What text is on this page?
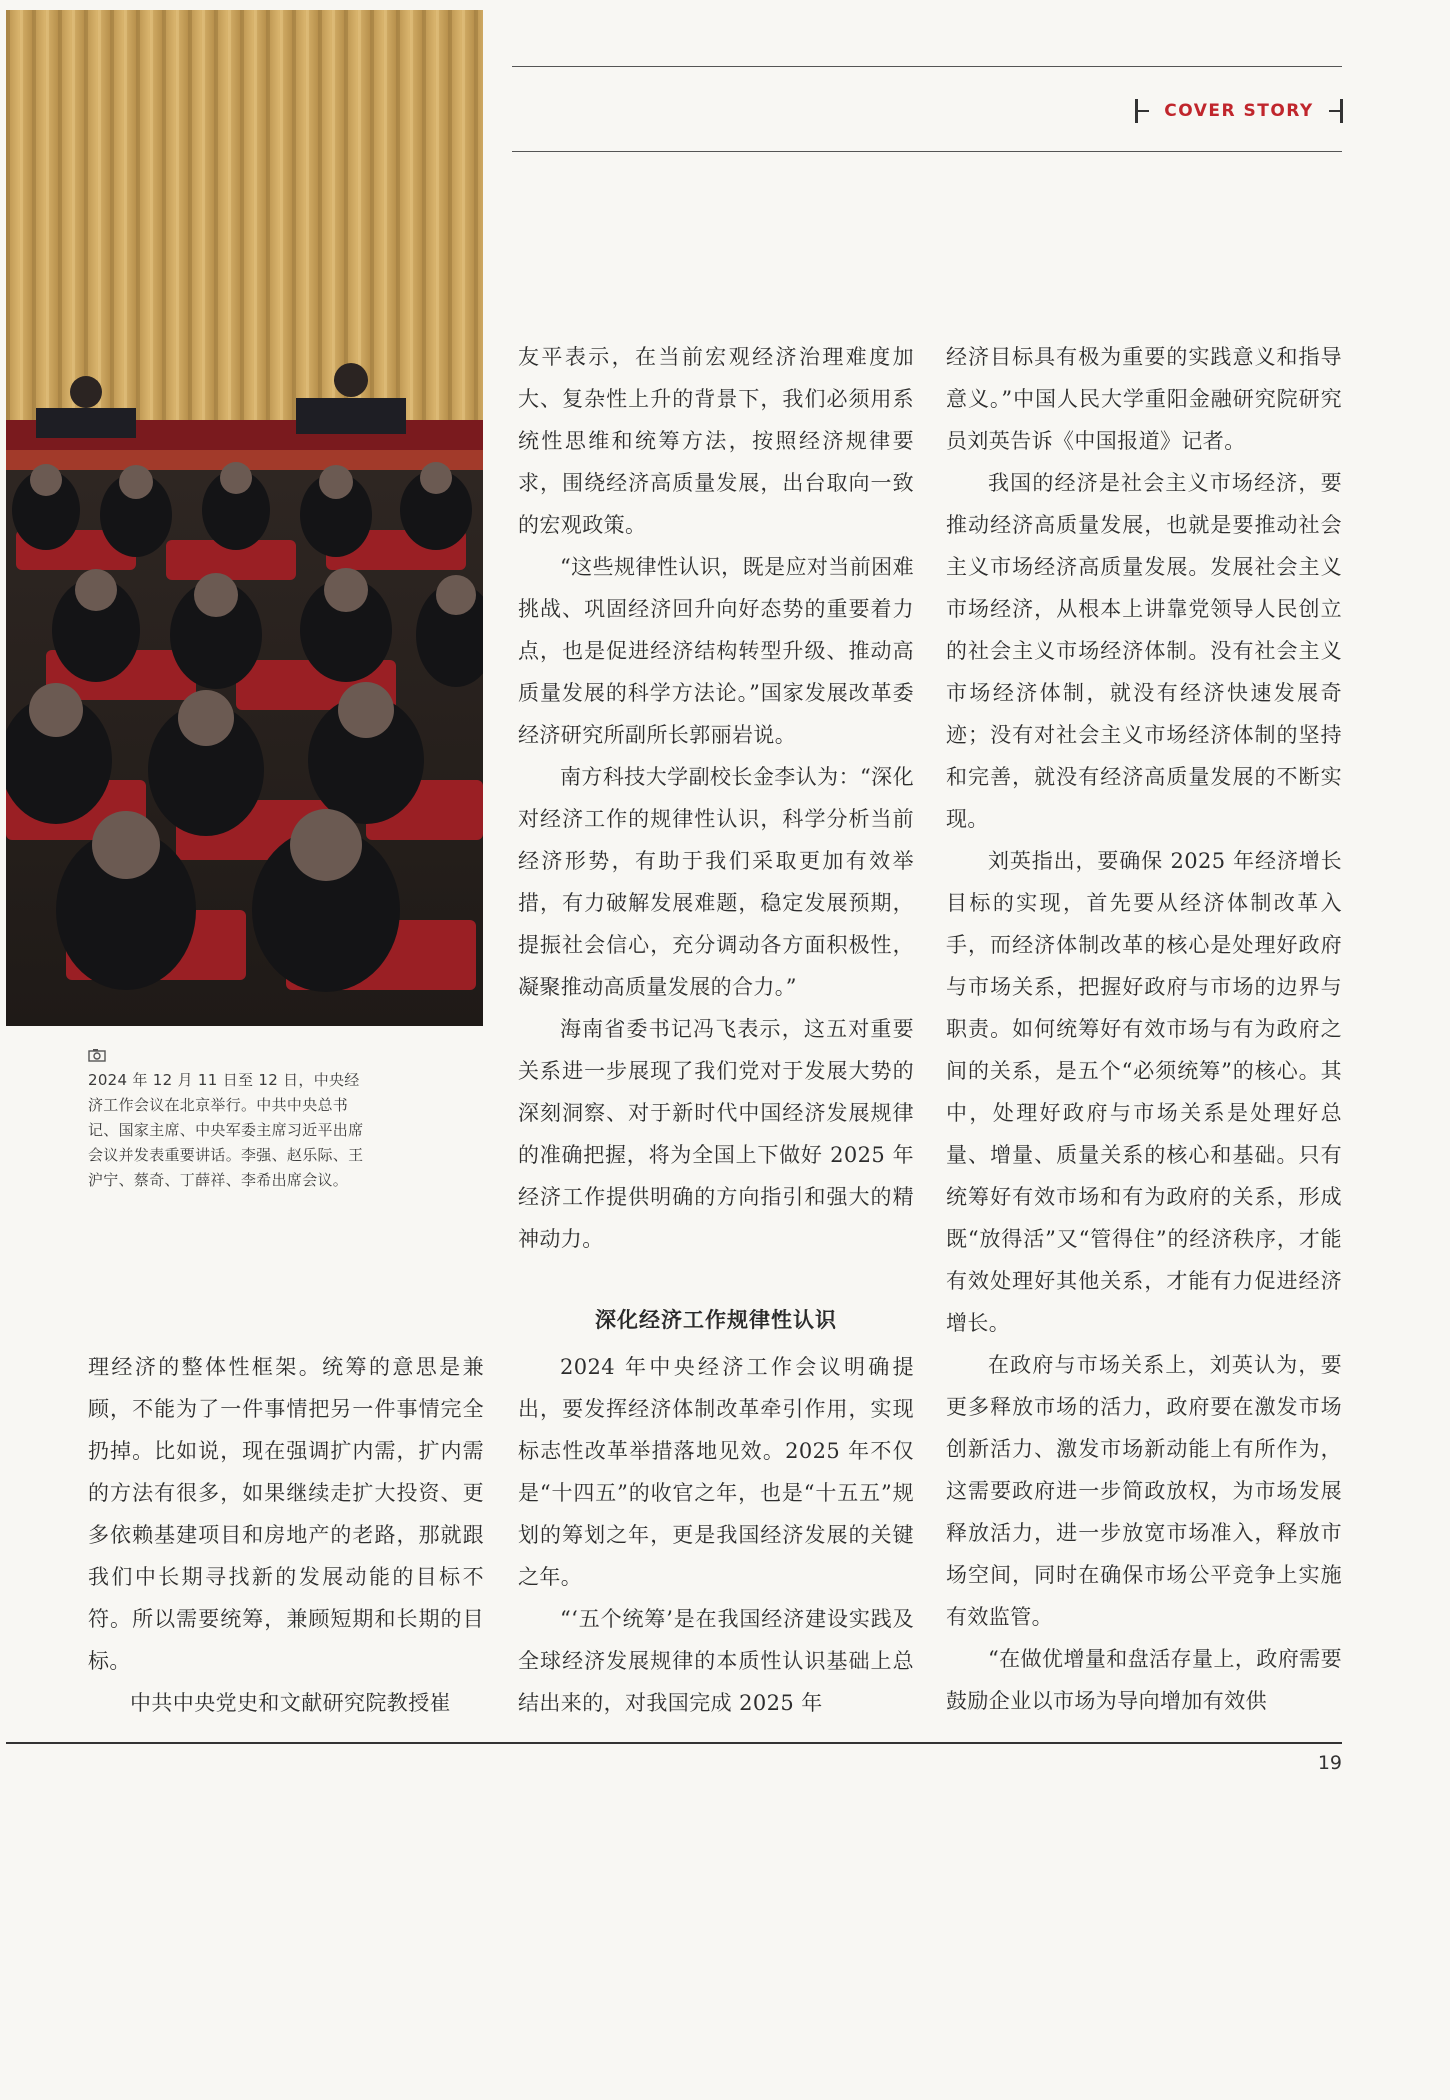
2024 年 12 月 11 日至 12 日，中央经济工作会议在北京举行。中共中央总书记、国家主席、中央军委主席习近平出席会议并发表重要讲话。李强、赵乐际、王沪宁、蔡奇、丁薛祥、李希出席会议。
COVER STORY

理经济的整体性框架。统筹的意思是兼顾，不能为了一件事情把另一件事情完全扔掉。比如说，现在强调扩内需，扩内需的方法有很多，如果继续走扩大投资、更多依赖基建项目和房地产的老路，那就跟我们中长期寻找新的发展动能的目标不符。所以需要统筹，兼顾短期和长期的目标。

中共中央党史和文献研究院教授崔

友平表示，在当前宏观经济治理难度加大、复杂性上升的背景下，我们必须用系统性思维和统筹方法，按照经济规律要求，围绕经济高质量发展，出台取向一致的宏观政策。

“这些规律性认识，既是应对当前困难挑战、巩固经济回升向好态势的重要着力点，也是促进经济结构转型升级、推动高质量发展的科学方法论。”国家发展改革委经济研究所副所长郭丽岩说。

南方科技大学副校长金李认为：“深化对经济工作的规律性认识，科学分析当前经济形势，有助于我们采取更加有效举措，有力破解发展难题，稳定发展预期，提振社会信心，充分调动各方面积极性，凝聚推动高质量发展的合力。”

海南省委书记冯飞表示，这五对重要关系进一步展现了我们党对于发展大势的深刻洞察、对于新时代中国经济发展规律的准确把握，将为全国上下做好 2025 年经济工作提供明确的方向指引和强大的精神动力。

深化经济工作规律性认识

2024 年中央经济工作会议明确提出，要发挥经济体制改革牵引作用，实现标志性改革举措落地见效。2025 年不仅是“十四五”的收官之年，也是“十五五”规划的筹划之年，更是我国经济发展的关键之年。

“‘五个统筹’是在我国经济建设实践及全球经济发展规律的本质性认识基础上总结出来的，对我国完成 2025 年

经济目标具有极为重要的实践意义和指导意义。”中国人民大学重阳金融研究院研究员刘英告诉《中国报道》记者。

我国的经济是社会主义市场经济，要推动经济高质量发展，也就是要推动社会主义市场经济高质量发展。发展社会主义市场经济，从根本上讲靠党领导人民创立的社会主义市场经济体制。没有社会主义市场经济体制，就没有经济快速发展奇迹；没有对社会主义市场经济体制的坚持和完善，就没有经济高质量发展的不断实现。

刘英指出，要确保 2025 年经济增长目标的实现，首先要从经济体制改革入手，而经济体制改革的核心是处理好政府与市场关系，把握好政府与市场的边界与职责。如何统筹好有效市场与有为政府之间的关系，是五个“必须统筹”的核心。其中，处理好政府与市场关系是处理好总量、增量、质量关系的核心和基础。只有统筹好有效市场和有为政府的关系，形成既“放得活”又“管得住”的经济秩序，才能有效处理好其他关系，才能有力促进经济增长。

在政府与市场关系上，刘英认为，要更多释放市场的活力，政府要在激发市场创新活力、激发市场新动能上有所作为，这需要政府进一步简政放权，为市场发展释放活力，进一步放宽市场准入，释放市场空间，同时在确保市场公平竞争上实施有效监管。

“在做优增量和盘活存量上，政府需要鼓励企业以市场为导向增加有效供

19
